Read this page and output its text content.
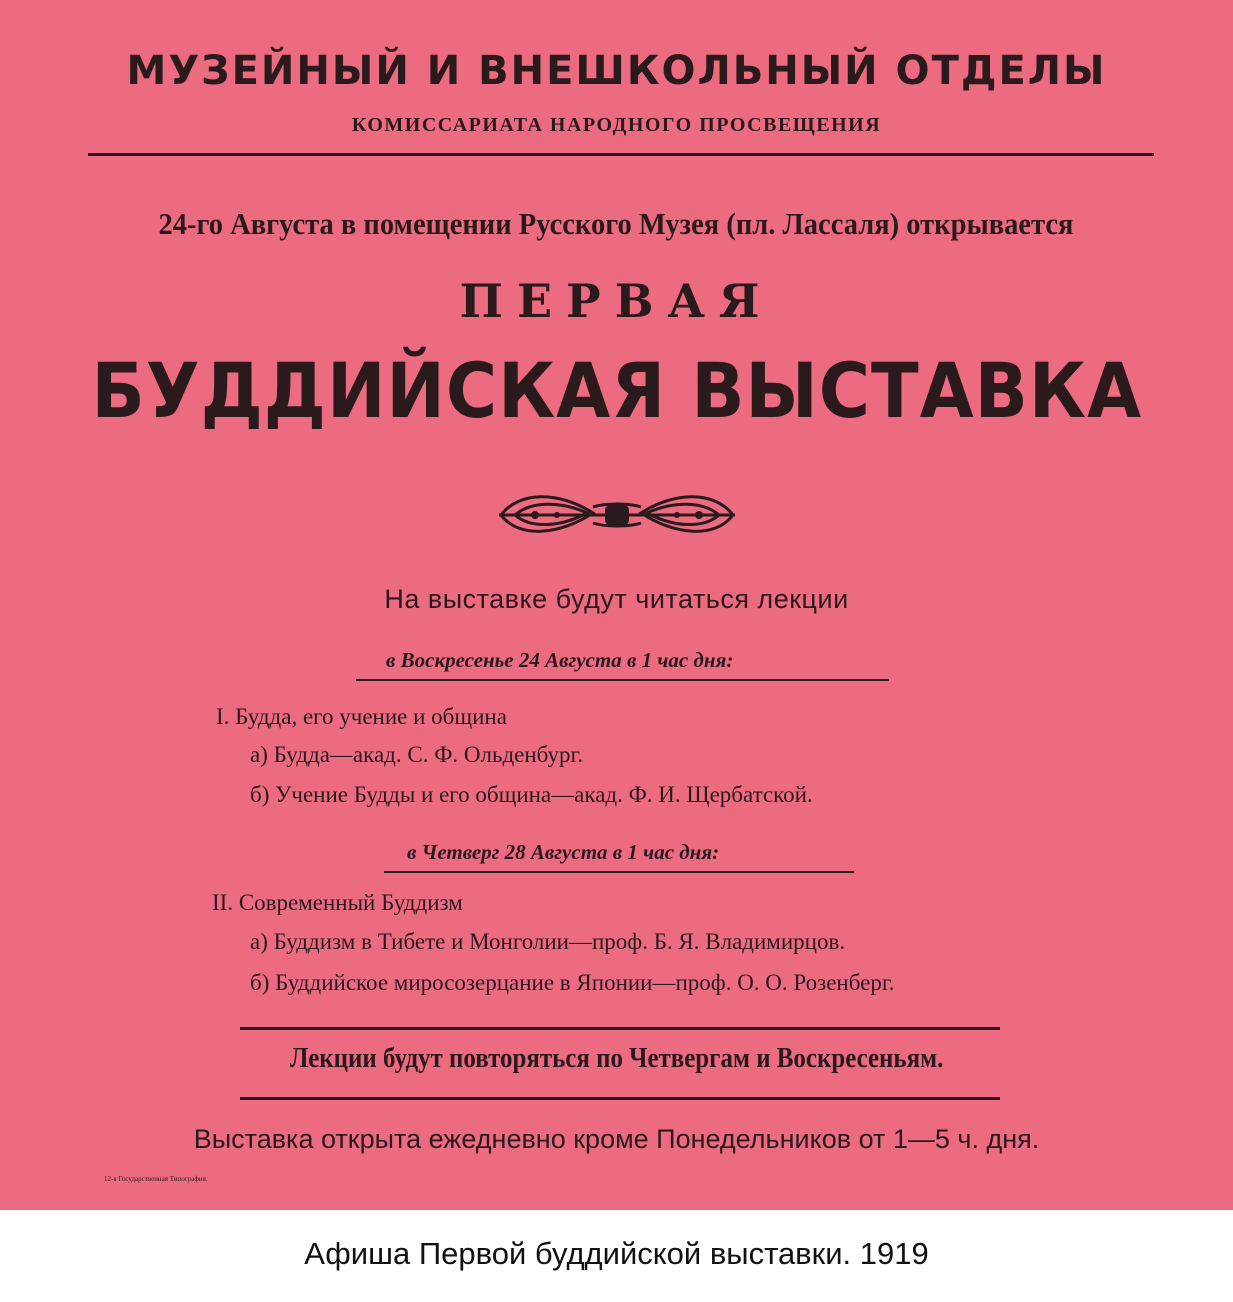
МУЗЕЙНЫЙ И ВНЕШКОЛЬНЫЙ ОТДЕЛЫ
КОМИССАРИАТА НАРОДНОГО ПРОСВЕЩЕНИЯ
24-го Августа в помещении Русского Музея (пл. Лассаля) открывается
ПЕРВАЯ
БУДДИЙСКАЯ ВЫСТАВКА
На выставке будут читаться лекции
в Воскресенье 24 Августа в 1 час дня:
I. Будда, его учение и община
а) Будда—акад. С. Ф. Ольденбург.
б) Учение Будды и его община—акад. Ф. И. Щербатской.
в Четверг 28 Августа в 1 час дня:
II. Современный Буддизм
а) Буддизм в Тибете и Монголии—проф. Б. Я. Владимирцов.
б) Буддийское миросозерцание в Японии—проф. О. О. Розенберг.
Лекции будут повторяться по Четвергам и Воскресеньям.
Выставка открыта ежедневно кроме Понедельников от 1—5 ч. дня.
12-я Государственная Типография.
Афиша Первой буддийской выставки. 1919
